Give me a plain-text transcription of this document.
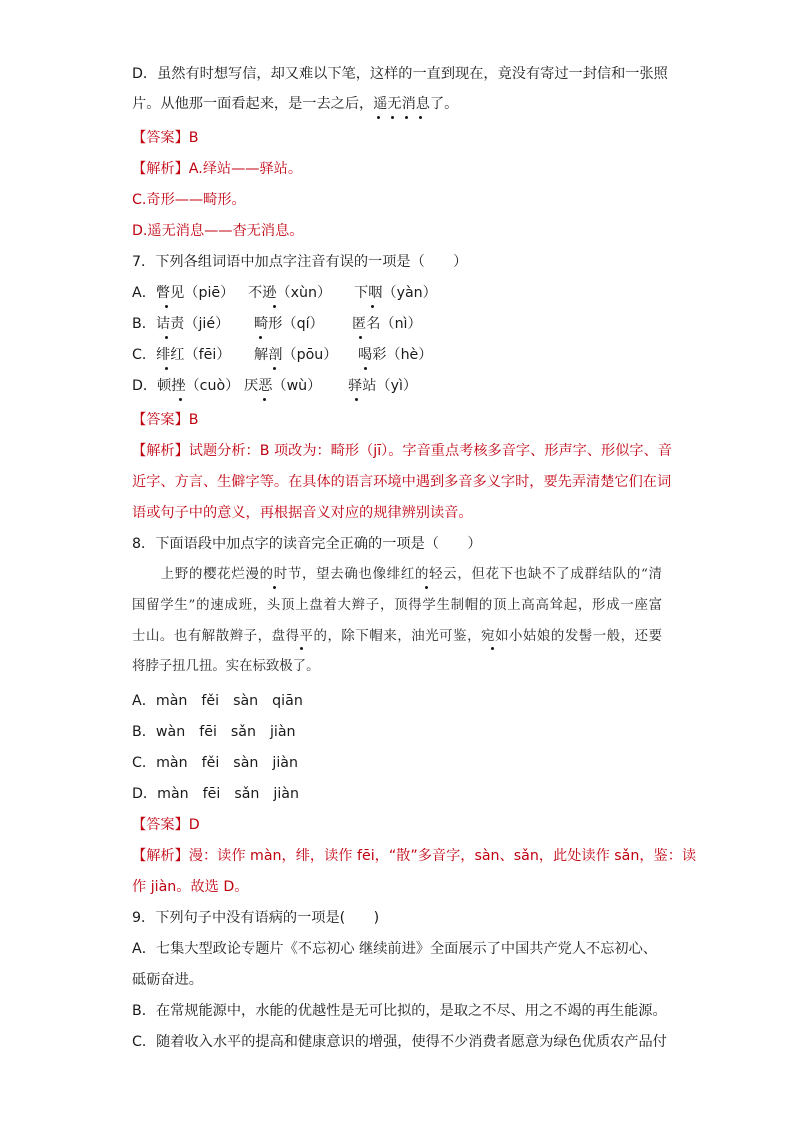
D．虽然有时想写信，却又难以下笔，这样的一直到现在，竟没有寄过一封信和一张照
片。从他那一面看起来，是一去之后，遥无消息了。
【答案】B
【解析】A.绎站——驿站。
C.奇形——畸形。
D.遥无消息——杳无消息。
7．下列各组词语中加点字注音有误的一项是（　　）
A．瞥见（piē） 不逊（xùn） 下咽（yàn）
B．诘责（jié） 畸形（qí） 匿名（nì）
C．绯红（fēi） 解剖（pōu） 喝彩（hè）
D．顿挫（cuò） 厌恶（wù） 驿站（yì）
【答案】B
【解析】试题分析：B 项改为：畸形（jī）。字音重点考核多音字、形声字、形似字、音
近字、方言、生僻字等。在具体的语言环境中遇到多音多义字时，要先弄清楚它们在词
语或句子中的意义，再根据音义对应的规律辨别读音。
8．下面语段中加点字的读音完全正确的一项是（　　）

上野的樱花烂漫的时节，望去确也像绯红的轻云，但花下也缺不了成群结队的“清

国留学生”的速成班，头顶上盘着大辫子，顶得学生制帽的顶上高高耸起，形成一座富

士山。也有解散辫子，盘得平的，除下帽来，油光可鉴，宛如小姑娘的发髻一般，还要

将脖子扭几扭。实在标致极了。

A．màn fěi sàn qiān
B．wàn fēi sǎn jiàn
C．màn fěi sàn jiàn
D．màn fēi sǎn jiàn
【答案】D
【解析】漫：读作 màn，绯，读作 fēi，“散”多音字，sàn、sǎn，此处读作 sǎn，鉴：读
作 jiàn。故选 D。
9．下列句子中没有语病的一项是(　　)
A．七集大型政论专题片《不忘初心 继续前进》全面展示了中国共产党人不忘初心、
砥砺奋进。
B．在常规能源中，水能的优越性是无可比拟的，是取之不尽、用之不竭的再生能源。
C．随着收入水平的提高和健康意识的增强，使得不少消费者愿意为绿色优质农产品付
